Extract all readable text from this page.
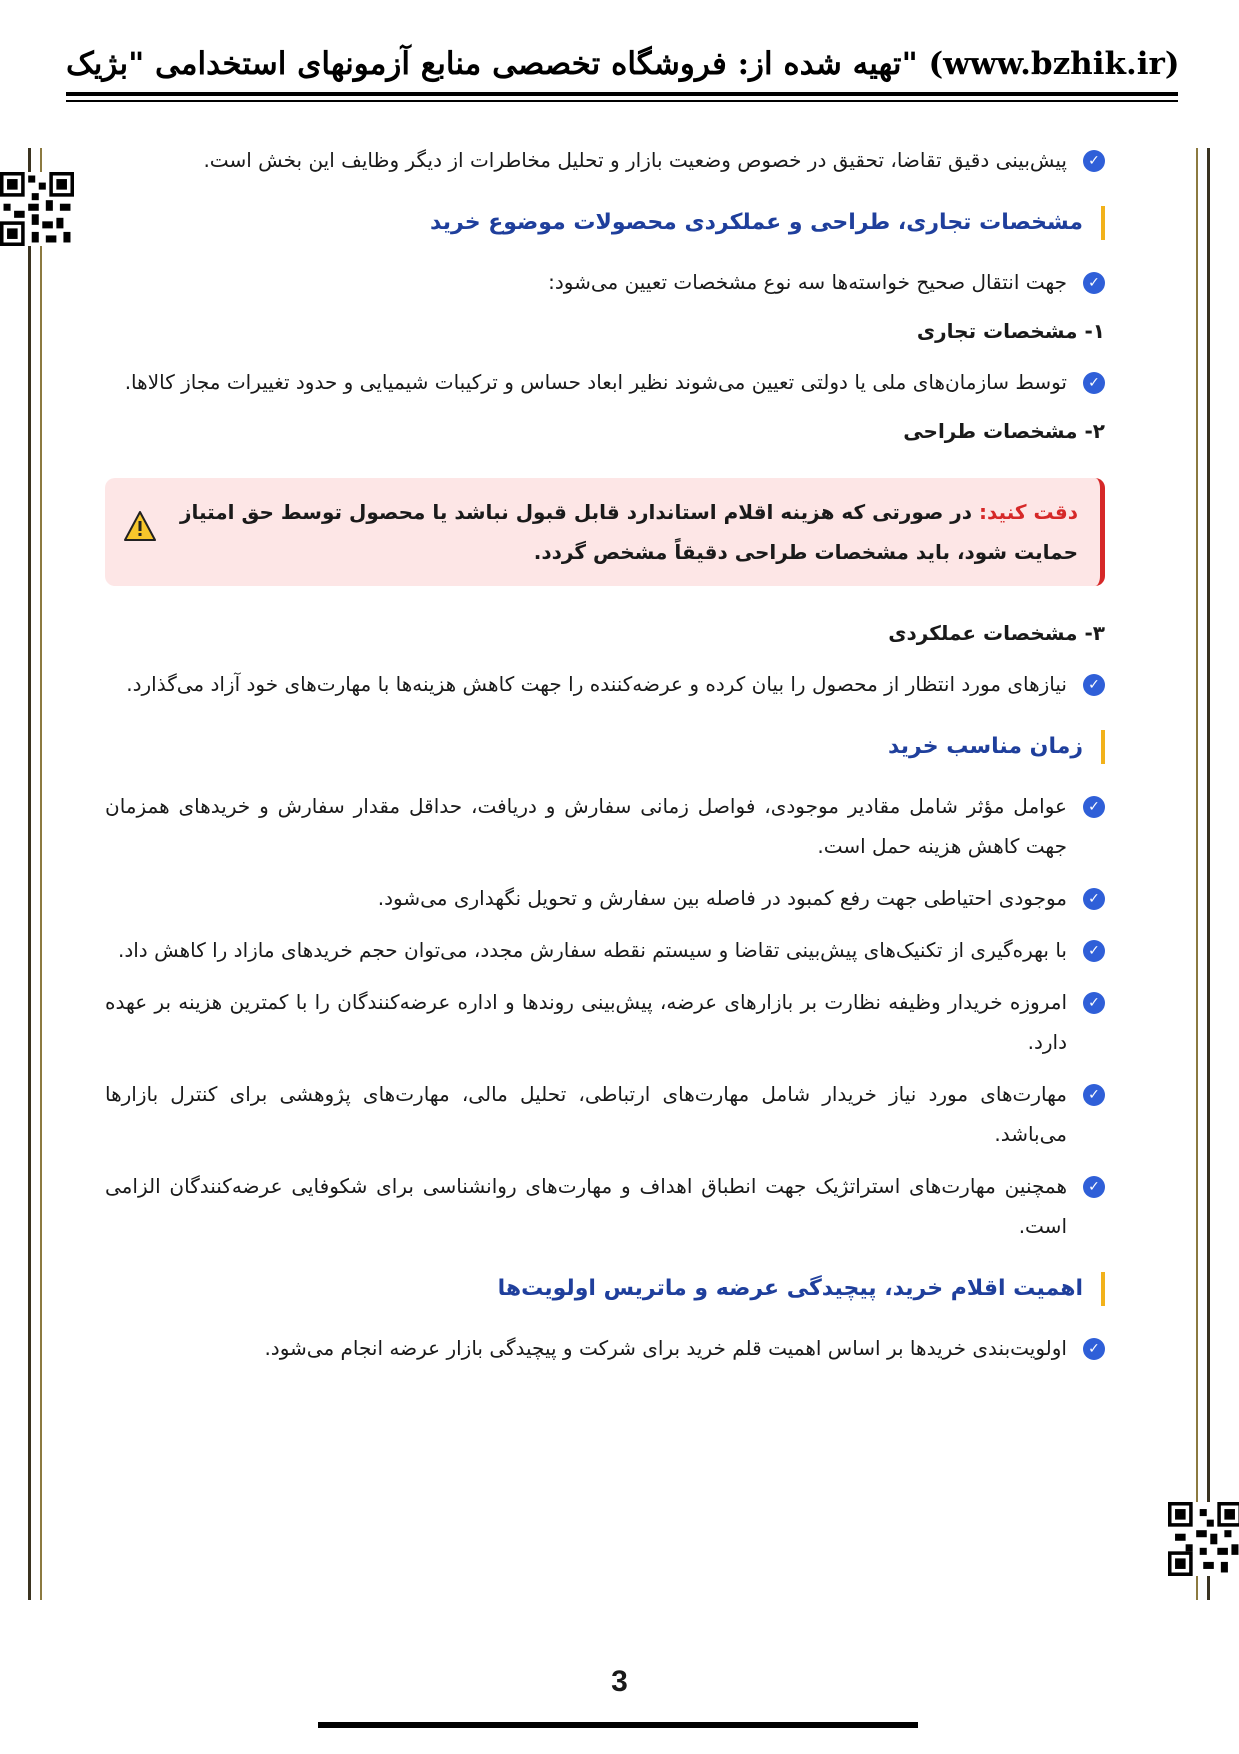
تهیه شده از: فروشگاه تخصصی منابع آزمونهای استخدامی "بژیک" (www.bzhik.ir)
✓
پیش‌بینی دقیق تقاضا، تحقیق در خصوص وضعیت بازار و تحلیل مخاطرات از دیگر وظایف این بخش است.
مشخصات تجاری، طراحی و عملکردی محصولات موضوع خرید
✓
جهت انتقال صحیح خواسته‌ها سه نوع مشخصات تعیین می‌شود:
۱- مشخصات تجاری
✓
توسط سازمان‌های ملی یا دولتی تعیین می‌شوند نظیر ابعاد حساس و ترکیبات شیمیایی و حدود تغییرات مجاز کالاها.
۲- مشخصات طراحی
دقت کنید: در صورتی که هزینه اقلام استاندارد قابل قبول نباشد یا محصول توسط حق امتیاز حمایت شود، باید مشخصات طراحی دقیقاً مشخص گردد.
۳- مشخصات عملکردی
✓
نیازهای مورد انتظار از محصول را بیان کرده و عرضه‌کننده را جهت کاهش هزینه‌ها با مهارت‌های خود آزاد می‌گذارد.
زمان مناسب خرید
✓
عوامل مؤثر شامل مقادیر موجودی، فواصل زمانی سفارش و دریافت، حداقل مقدار سفارش و خریدهای همزمان جهت کاهش هزینه حمل است.
✓
موجودی احتیاطی جهت رفع کمبود در فاصله بین سفارش و تحویل نگهداری می‌شود.
✓
با بهره‌گیری از تکنیک‌های پیش‌بینی تقاضا و سیستم نقطه سفارش مجدد، می‌توان حجم خریدهای مازاد را کاهش داد.
✓
امروزه خریدار وظیفه نظارت بر بازارهای عرضه، پیش‌بینی روندها و اداره عرضه‌کنندگان را با کمترین هزینه بر عهده دارد.
✓
مهارت‌های مورد نیاز خریدار شامل مهارت‌های ارتباطی، تحلیل مالی، مهارت‌های پژوهشی برای کنترل بازارها می‌باشد.
✓
همچنین مهارت‌های استراتژیک جهت انطباق اهداف و مهارت‌های روانشناسی برای شکوفایی عرضه‌کنندگان الزامی است.
اهمیت اقلام خرید، پیچیدگی عرضه و ماتریس اولویت‌ها
✓
اولویت‌بندی خریدها بر اساس اهمیت قلم خرید برای شرکت و پیچیدگی بازار عرضه انجام می‌شود.
3
